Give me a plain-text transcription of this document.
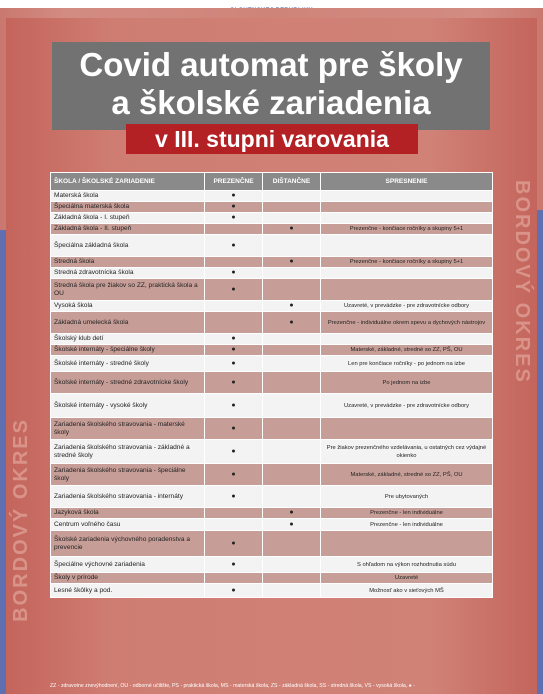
BORDOVÝ OKRES
BORDOVÝ OKRES
Covid automat pre školy
a školské zariadenia
v III. stupni varovania
ŠKOLA / ŠKOLSKÉ ZARIADENIE	PREZENČNE	DIŠTANČNE	SPRESNENIE
Materská škola	●		
Špeciálna materská škola	●		
Základná škola - I. stupeň	●		
Základná škola - II. stupeň		●	Prezenčne - končiace ročníky a skupiny 5+1
Špeciálna základná škola	●		
Stredná škola		●	Prezenčne - končiace ročníky a skupiny 5+1
Stredná zdravotnícka škola	●		
Stredná škola pre žiakov so ZZ, praktická škola a OU	●		
Vysoká škola		●	Uzavreté, v prevádzke - pre zdravotnícke odbory
Základná umelecká škola		●	Prezenčne - individuálne okrem spevu a dychových nástrojov
Školský klub detí	●		
Školské internáty - špeciálne školy	●		Materské, základné, stredné so ZZ, PŠ, OU
Školské internáty - stredné školy	●		Len pre končiace ročníky - po jednom na izbe
Školské internáty - stredné zdravotnícke školy	●		Po jednom na izbe
Školské internáty - vysoké školy	●		Uzavreté, v prevádzke - pre zdravotnícke odbory
Zariadenia školského stravovania - materské školy	●		
Zariadenia školského stravovania - základné a stredné školy	●		Pre žiakov prezenčného vzdelávania, u ostatných cez výdajné okienko
Zariadenia školského stravovania - špeciálne školy	●		Materské, základné, stredné so ZZ, PŠ, OU
Zariadenia školského stravovania - internáty	●		Pre ubytovaných
Jazyková škola		●	Prezenčne - len individuálne
Centrum voľného času		●	Prezenčne - len individuálne
Školské zariadenia výchovného poradenstva a prevencie	●		
Špeciálne výchovné zariadenia	●		S ohľadom na výkon rozhodnutia súdu
Školy v prírode			Uzavreté
Lesné škôlky a pod.	●		Možnosť ako v sieťových MŠ
ZZ - zdravotne znevýhodnení, OU - odborné učilište, PŠ - praktická škola, MŠ - materská škola, ZŠ - základná škola, SŠ - stredná škola, VŠ - vysoká škola, ● -
